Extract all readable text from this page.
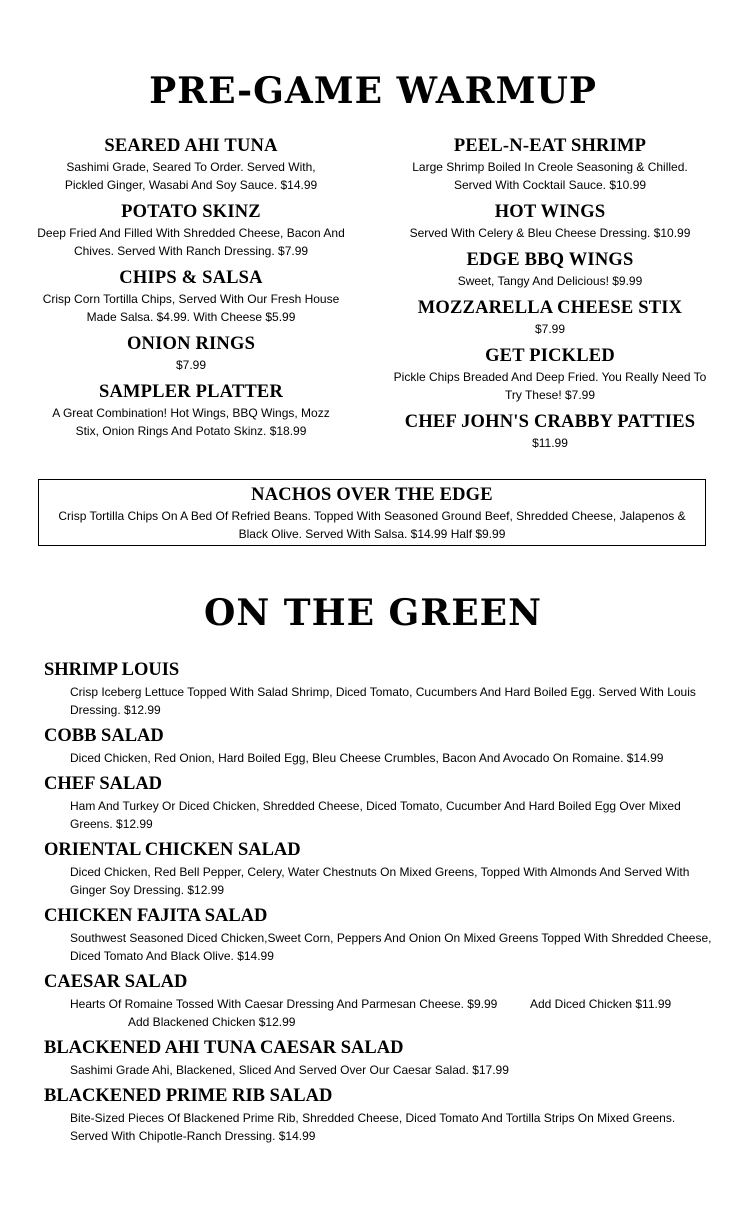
PRE-GAME WARMUP
SEARED AHI TUNA
Sashimi Grade, Seared To Order. Served With, Pickled Ginger, Wasabi And Soy Sauce. $14.99
POTATO SKINZ
Deep Fried And Filled With Shredded Cheese, Bacon And Chives. Served With Ranch Dressing. $7.99
CHIPS & SALSA
Crisp Corn Tortilla Chips, Served With Our Fresh House Made Salsa. $4.99. With Cheese $5.99
ONION RINGS
$7.99
SAMPLER PLATTER
A Great Combination! Hot Wings, BBQ Wings, Mozz Stix, Onion Rings And Potato Skinz. $18.99
PEEL-N-EAT SHRIMP
Large Shrimp Boiled In Creole Seasoning & Chilled. Served With Cocktail Sauce. $10.99
HOT WINGS
Served With Celery & Bleu Cheese Dressing. $10.99
EDGE BBQ WINGS
Sweet, Tangy And Delicious! $9.99
MOZZARELLA CHEESE STIX
$7.99
GET PICKLED
Pickle Chips Breaded And Deep Fried. You Really Need To Try These! $7.99
CHEF JOHN'S CRABBY PATTIES
$11.99
NACHOS OVER THE EDGE
Crisp Tortilla Chips On A Bed Of Refried Beans. Topped With Seasoned Ground Beef, Shredded Cheese, Jalapenos & Black Olive. Served With Salsa. $14.99 Half $9.99
ON THE GREEN
SHRIMP LOUIS
Crisp Iceberg Lettuce Topped With Salad Shrimp, Diced Tomato, Cucumbers And Hard Boiled Egg. Served With Louis Dressing. $12.99
COBB SALAD
Diced Chicken, Red Onion, Hard Boiled Egg, Bleu Cheese Crumbles, Bacon And Avocado On Romaine. $14.99
CHEF SALAD
Ham And Turkey Or Diced Chicken, Shredded Cheese, Diced Tomato, Cucumber And Hard Boiled Egg Over Mixed Greens. $12.99
ORIENTAL CHICKEN SALAD
Diced Chicken, Red Bell Pepper, Celery, Water Chestnuts On Mixed Greens, Topped With Almonds And Served With Ginger Soy Dressing. $12.99
CHICKEN FAJITA SALAD
Southwest Seasoned Diced Chicken,Sweet Corn, Peppers And Onion On Mixed Greens Topped With Shredded Cheese, Diced Tomato And Black Olive. $14.99
CAESAR SALAD
Hearts Of Romaine Tossed With Caesar Dressing And Parmesan Cheese. $9.99          Add Diced Chicken $11.99
Add Blackened Chicken $12.99
BLACKENED AHI TUNA CAESAR SALAD
Sashimi Grade Ahi, Blackened, Sliced And Served Over Our Caesar Salad. $17.99
BLACKENED PRIME RIB SALAD
Bite-Sized Pieces Of Blackened Prime Rib, Shredded Cheese, Diced Tomato And Tortilla Strips On Mixed Greens. Served With Chipotle-Ranch Dressing. $14.99
